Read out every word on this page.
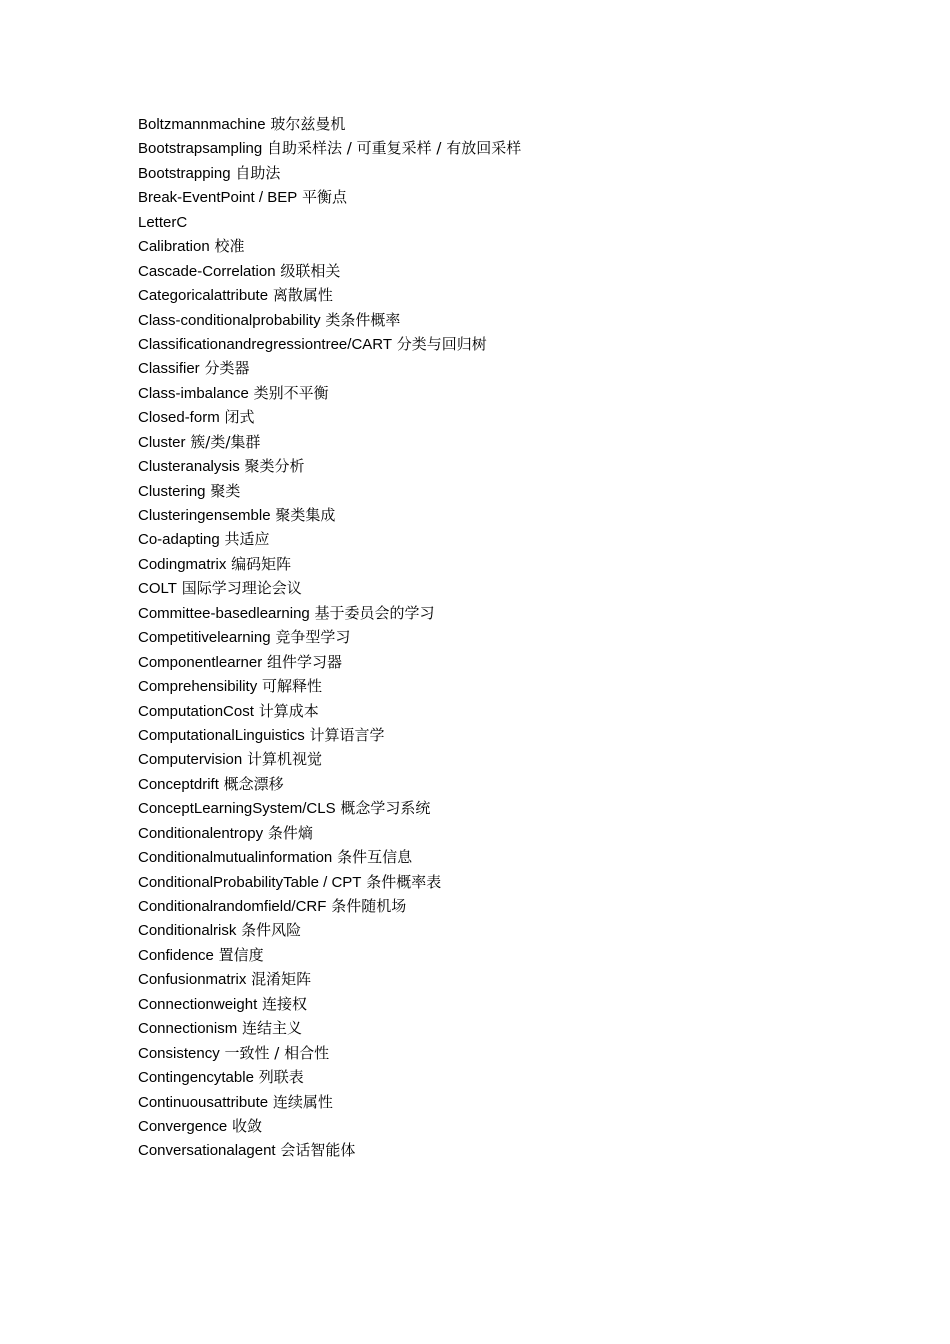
Boltzmannmachine 玻尔兹曼机
Bootstrapsampling 自助采样法 / 可重复采样 / 有放回采样
Bootstrapping 自助法
Break-EventPoint / BEP 平衡点
LetterC
Calibration 校准
Cascade-Correlation 级联相关
Categoricalattribute 离散属性
Class-conditionalprobability 类条件概率
Classificationandregressiontree/CART 分类与回归树
Classifier 分类器
Class-imbalance 类别不平衡
Closed-form 闭式
Cluster 簇/类/集群
Clusteranalysis 聚类分析
Clustering 聚类
Clusteringensemble 聚类集成
Co-adapting 共适应
Codingmatrix 编码矩阵
COLT 国际学习理论会议
Committee-basedlearning 基于委员会的学习
Competitivelearning 竞争型学习
Componentlearner 组件学习器
Comprehensibility 可解释性
ComputationCost 计算成本
ComputationalLinguistics 计算语言学
Computervision 计算机视觉
Conceptdrift 概念漂移
ConceptLearningSystem/CLS 概念学习系统
Conditionalentropy 条件熵
Conditionalmutualinformation 条件互信息
ConditionalProbabilityTable / CPT 条件概率表
Conditionalrandomfield/CRF 条件随机场
Conditionalrisk 条件风险
Confidence 置信度
Confusionmatrix 混淆矩阵
Connectionweight 连接权
Connectionism 连结主义
Consistency 一致性 / 相合性
Contingencytable 列联表
Continuousattribute 连续属性
Convergence 收敛
Conversationalagent 会话智能体
